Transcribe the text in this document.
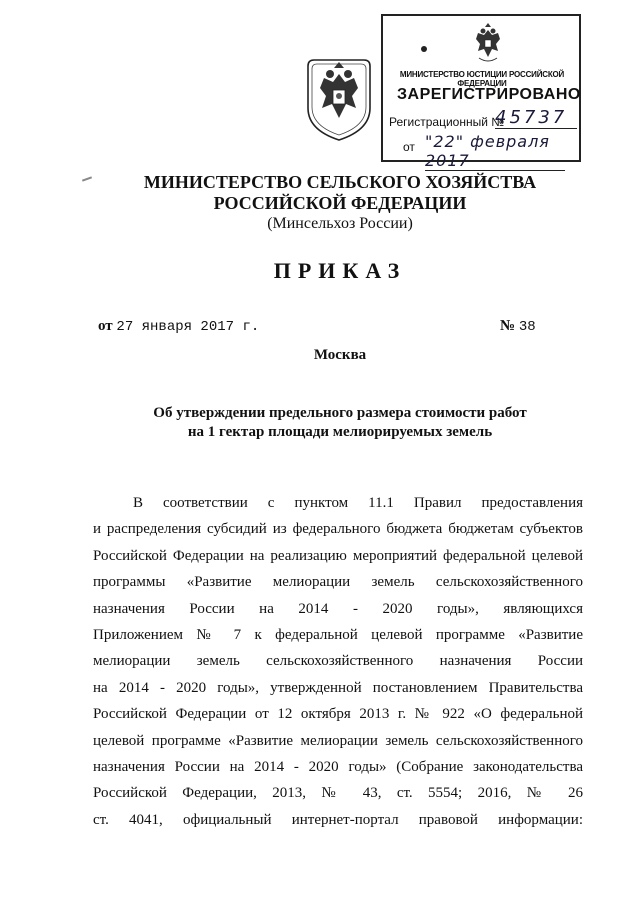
МИНИСТЕРСТВО ЮСТИЦИИ РОССИЙСКОЙ ФЕДЕРАЦИИ
ЗАРЕГИСТРИРОВАНО
Регистрационный №
45737
от "22" февраля 2017
МИНИСТЕРСТВО СЕЛЬСКОГО ХОЗЯЙСТВА
РОССИЙСКОЙ ФЕДЕРАЦИИ
(Минсельхоз России)
ПРИКАЗ
от 27 января 2017 г.	№ 38
Москва
Об утверждении предельного размера стоимости работ
на 1 гектар площади мелиорируемых земель
В соответствии с пунктом 11.1 Правил предоставления
и распределения субсидий из федерального бюджета бюджетам субъектов
Российской Федерации на реализацию мероприятий федеральной целевой
программы «Развитие мелиорации земель сельскохозяйственного
назначения России на 2014 - 2020 годы», являющихся
Приложением № 7 к федеральной целевой программе «Развитие
мелиорации земель сельскохозяйственного назначения России
на 2014 - 2020 годы», утвержденной постановлением Правительства
Российской Федерации от 12 октября 2013 г. № 922 «О федеральной
целевой программе «Развитие мелиорации земель сельскохозяйственного
назначения России на 2014 - 2020 годы» (Собрание законодательства
Российской Федерации, 2013, № 43, ст. 5554; 2016, № 26
ст. 4041, официальный интернет-портал правовой информации:
